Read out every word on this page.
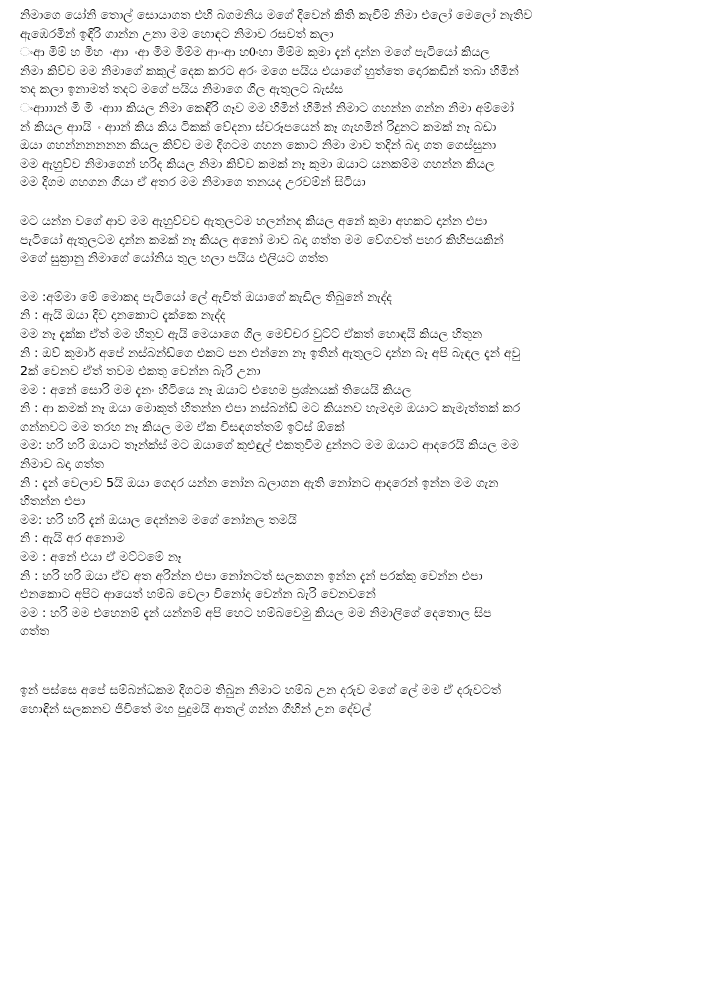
නිමාගෙ යෝනි තොල් සොයාගත එහි බගමනිය මගේ දිවෙන් කිති කැවීම් නිමා එලෝ මෙලෝ නැතිව

ඇඹෙරමින් ඉඳිරි ගාන්න උනා මම හොඳට නිමාව රසවත් කලා

ංආ මිම් හ මිහ ංආා ංආ මිම මිම්ම ආංංආ හ0ංහා මිම්ම කුමා දැන් දාන්න මගේ පැටියෝ කියල

නිමා කිව්ව මම නිමාගේ කකුල් දෙක කරට අරං මගෙ පයිය එයාගේ හුත්තෙ දොරකඩින් තබා හිමින්

තද කලා ඉනාමත් තදට මගේ පයිය නිමාගෙ ගිල ඇතුලට බැස්ස

ංආාාාන් මි මි ංආාා කියල නිමා කෙඳිරි ගෑව මම හිමින් හිමින් නිමාට ගහන්න ගන්න නිමා අම්මෝ

න් කියල ආායි ං ආාන් කිය කිය ටිකක් වේදනා ස්වරූපයෙන් කෑ ගැහමින් රිදුනට කමක් නෑ බඩා

ඔයා ගහන්නනනනන කියල කිව්ව මම දිගටම ගහන කොට නිමා මාව තදින් බදා ගත ගෙස්සුනා

මම ඇහුව්ව නිමාගෙන් හරිද කියල නිමා කිව්ව කමක් නෑ කුමා ඔයාට යනකම්ම ගහන්න කියල

මම දිගම ගහගන ගියා ඒ අතර මම නිමාගෙ තනයද උරවම්න් සිටියා

මට යන්න වගේ ආව මම ඇහුව්වව ඇතුලටම හලන්නද කියල අනේ කුමා අහකට දාන්න එපා

පැටියෝ ඇතුලටම දාන්න කමක් නෑ කියල අනෝ මාව බදා ගත්ත මම වේගවත් පහර කිහිපයකින්

මගේ සුක්‍රානු නිමාගේ යෝනිය තුල හලා පයිය එලියට ගත්ත

මම :අම්මා මේ මොකද පැටියෝ ලේ ඇවිත් ඔයාගේ කැඩිල තිබුනේ නැද්ද

නි : ඇයි ඔයා දිව දානකොට දැක්කෙ නැද්ද

මම නෑ දැක්ක ඒත් මම හිතුව ඇයි මෙයාගෙ ගිල මෙච්චර වුට්ට් ඒකත් හොඳයි කියල හිතුන

නි : ඔව් කුමාර් අපේ නස්බන්ඩ්ගෙ එකට පන එන්නෙ නෑ ඉතින් ඇතුලට දාන්න බෑ අපි බැඳල දැන් අවු

2ක් වෙනව ඒත් තවම එකතු වෙන්න බැරි උනා

මම : අනේ සොරි මම දැනං හිටියෙ නෑ ඔයාට එහෙම ප්‍රශ්නයක් තියෙයි කියල

නි : ආ කමක් නෑ ඔයා මොකුත් හිතන්න එපා නස්බන්ඩ් මට කියනව හැමදාම ඔයාට කැමැත්තක් කර

ගන්නවට මම තරහ නෑ කියල මම ඒක විසඳගත්තම් ඉට්ස් ඕකේ

මම: හරි හරි ඔයාට තෑන්ක්ස් මට ඔයාගේ කුළුඳුල් එකතුවීම දුන්නට මම ඔයාට ආදරෙයි කියල මම

නිමාව බදා ගත්ත

නි : දැන් වෙලාව 5යි ඔයා ගෙදර යන්න නෝන බලාගන ඇති නෝනට ආදරෙන් ඉන්න මම ගැන

හිතන්න එපා

මම: හරි හරි දැන් ඔයාල දෙන්නම මගේ නෝනල තමයි

නි : ඇයි අර අනොම

මම : අනේ එයා ඒ මට්ටමේ නෑ

නි : හරි හරි ඔයා ඒව අත අරින්න එපා නෝනටත් සලකගන ඉන්න දැන් පරක්කු වෙන්න එපා

එනකොට අපිට ආයෙත් හම්බ වෙලා විනෝද වෙන්න බැරි වෙනවනේ

මම : හරි මම එහෙනම් දැන් යන්නම් අපි හෙට හම්බවෙමු කියල මම නිමාලිගේ දෙතොල සිප

ගත්ත

ඉන් පස්සෙ අපේ සම්බන්ධකම දිගටම තිබුන නිමාට හම්බ උන දරුව මගේ ලේ මම ඒ දරුවටත්

හොඳින් සලකනව ජිවිතේ මහ පුදුමයි ආතල් ගන්න ගිහින් උන දේවල්
